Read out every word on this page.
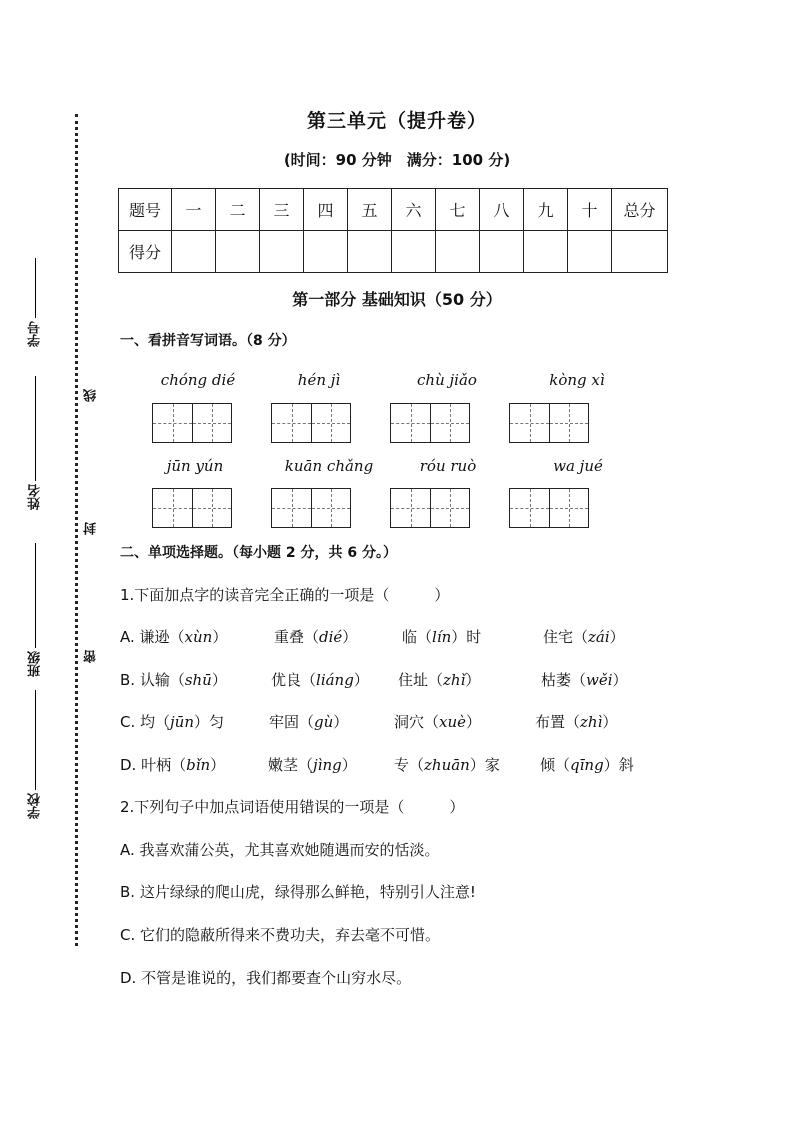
学号
姓名
班级
学校
线
封
密
第三单元（提升卷）
(时间：90 分钟　满分：100 分)
题号	一	二	三	四	五	六	七	八	九	十	总分
得分											
第一部分 基础知识（50 分）
一、看拼音写词语。（8 分）
chóng dié	hén jì	chù jiǎo	kòng xì
jūn yún	kuān chǎng	róu ruò	wa jué
二、单项选择题。（每小题 2 分，共 6 分。）
1.下面加点字的读音完全正确的一项是（　　　）
A. 谦逊（xùn）	重叠（dié）	临（lín）时	住宅（zái）
B. 认输（shū）	优良（liáng） 住址（zhǐ）	枯萎（wěi）
C. 均（jūn）匀	牢固（gù）	洞穴（xuè）	布置（zhì）
D. 叶柄（bǐn）	嫩茎（jìng） 专（zhuān）家	倾（qīng）斜
2.下列句子中加点词语使用错误的一项是（　　　）
A. 我喜欢蒲公英，尤其喜欢她随遇而安的恬淡。
B. 这片绿绿的爬山虎，绿得那么鲜艳，特别引人注意!
C. 它们的隐蔽所得来不费功夫，弃去毫不可惜。
D. 不管是谁说的，我们都要查个山穷水尽。
